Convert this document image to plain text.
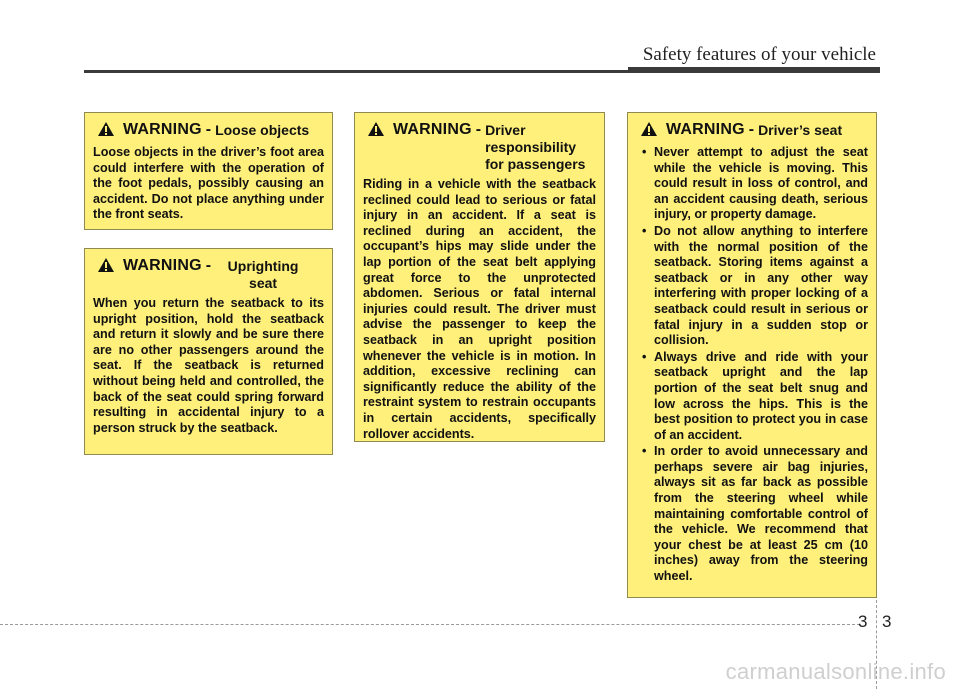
Safety features of your vehicle
WARNING - Loose objects
Loose objects in the driver’s foot area could interfere with the operation of the foot pedals, possibly causing an accident. Do not place anything under the front seats.
WARNING -	Uprighting seat
When you return the seatback to its upright position, hold the seatback and return it slowly and be sure there are no other passengers around the seat. If the seatback is returned without being held and controlled, the back of the seat could spring forward resulting in accidental injury to a person struck by the seatback.
WARNING - Driver responsibility for passengers
Riding in a vehicle with the seatback reclined could lead to serious or fatal injury in an accident. If a seat is reclined during an accident, the occupant’s hips may slide under the lap portion of the seat belt applying great force to the unprotected abdomen. Serious or fatal internal injuries could result. The driver must advise the passenger to keep the seatback in an upright position whenever the vehicle is in motion. In addition, excessive reclining can significantly reduce the ability of the restraint system to restrain occupants in certain accidents, specifically rollover accidents.
WARNING - Driver’s seat
• Never attempt to adjust the seat while the vehicle is moving. This could result in loss of control, and an accident causing death, serious injury, or property damage.
• Do not allow anything to interfere with the normal position of the seatback. Storing items against a seatback or in any other way interfering with proper locking of a seatback could result in serious or fatal injury in a sudden stop or collision.
• Always drive and ride with your seatback upright and the lap portion of the seat belt snug and low across the hips. This is the best position to protect you in case of an accident.
• In order to avoid unnecessary and perhaps severe air bag injuries, always sit as far back as possible from the steering wheel while maintaining comfortable control of the vehicle. We recommend that your chest be at least 25 cm (10 inches) away from the steering wheel.
3 3
carmanualsonline.info
